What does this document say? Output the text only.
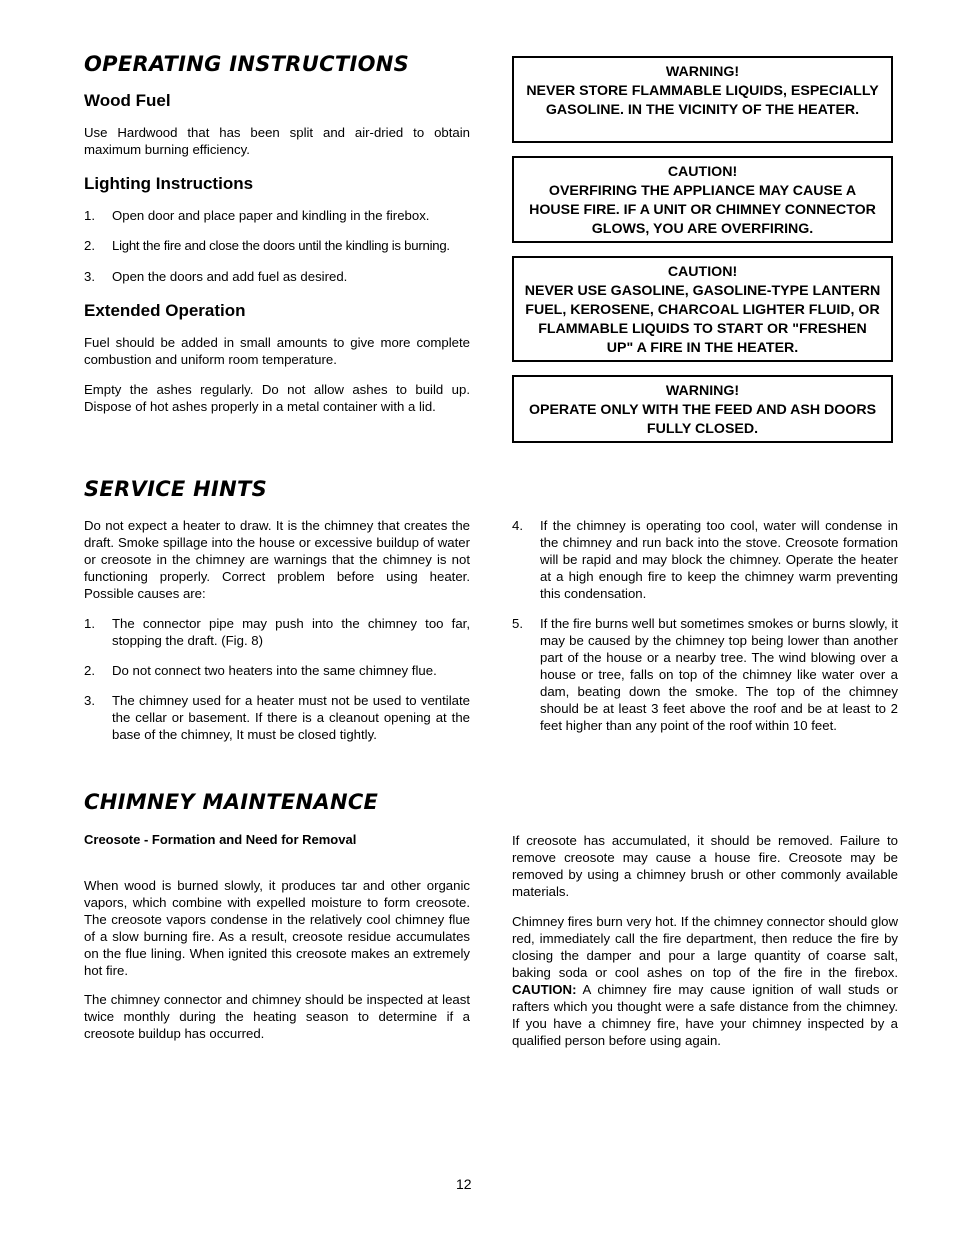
OPERATING INSTRUCTIONS
Wood Fuel

Use Hardwood that has been split and air-dried to obtain maximum burning efficiency.

Lighting Instructions
1. Open door and place paper and kindling in the firebox.
2. Light the fire and close the doors until the kindling is burning.
3. Open the doors and add fuel as desired.
Extended Operation

Fuel should be added in small amounts to give more complete combustion and uniform room temperature.

Empty the ashes regularly. Do not allow ashes to build up. Dispose of hot ashes properly in a metal container with a lid.

WARNING!
NEVER STORE FLAMMABLE LIQUIDS, ESPECIALLY GASOLINE. IN THE VICINITY OF THE HEATER.
CAUTION!
OVERFIRING THE APPLIANCE MAY CAUSE A HOUSE FIRE. IF A UNIT OR CHIMNEY CONNECTOR GLOWS, YOU ARE OVERFIRING.
CAUTION!
NEVER USE GASOLINE, GASOLINE-TYPE LANTERN FUEL, KEROSENE, CHARCOAL LIGHTER FLUID, OR FLAMMABLE LIQUIDS TO START OR "FRESHEN UP" A FIRE IN THE HEATER.
WARNING!
OPERATE ONLY WITH THE FEED AND ASH DOORS FULLY CLOSED.
SERVICE HINTS

Do not expect a heater to draw. It is the chimney that creates the draft. Smoke spillage into the house or excessive buildup of water or creosote in the chimney are warnings that the chimney is not functioning properly. Correct problem before using heater. Possible causes are:

1. The connector pipe may push into the chimney too far, stopping the draft. (Fig. 8)
2. Do not connect two heaters into the same chimney flue.
3. The chimney used for a heater must not be used to ventilate the cellar or basement. If there is a cleanout opening at the base of the chimney, It must be closed tightly.
4. If the chimney is operating too cool, water will condense in the chimney and run back into the stove. Creosote formation will be rapid and may block the chimney. Operate the heater at a high enough fire to keep the chimney warm preventing this condensation.
5. If the fire burns well but sometimes smokes or burns slowly, it may be caused by the chimney top being lower than another part of the house or a nearby tree. The wind blowing over a house or tree, falls on top of the chimney like water over a dam, beating down the smoke. The top of the chimney should be at least 3 feet above the roof and be at least to 2 feet higher than any point of the roof within 10 feet.
CHIMNEY MAINTENANCE

Creosote - Formation and Need for Removal

When wood is burned slowly, it produces tar and other organic vapors, which combine with expelled moisture to form creosote. The creosote vapors condense in the relatively cool chimney flue of a slow burning fire. As a result, creosote residue accumulates on the flue lining. When ignited this creosote makes an extremely hot fire.

The chimney connector and chimney should be inspected at least twice monthly during the heating season to determine if a creosote buildup has occurred.

If creosote has accumulated, it should be removed. Failure to remove creosote may cause a house fire. Creosote may be removed by using a chimney brush or other commonly available materials.

Chimney fires burn very hot. If the chimney connector should glow red, immediately call the fire department, then reduce the fire by closing the damper and pour a large quantity of coarse salt, baking soda or cool ashes on top of the fire in the firebox. CAUTION: A chimney fire may cause ignition of wall studs or rafters which you thought were a safe distance from the chimney. If you have a chimney fire, have your chimney inspected by a qualified person before using again.

12
